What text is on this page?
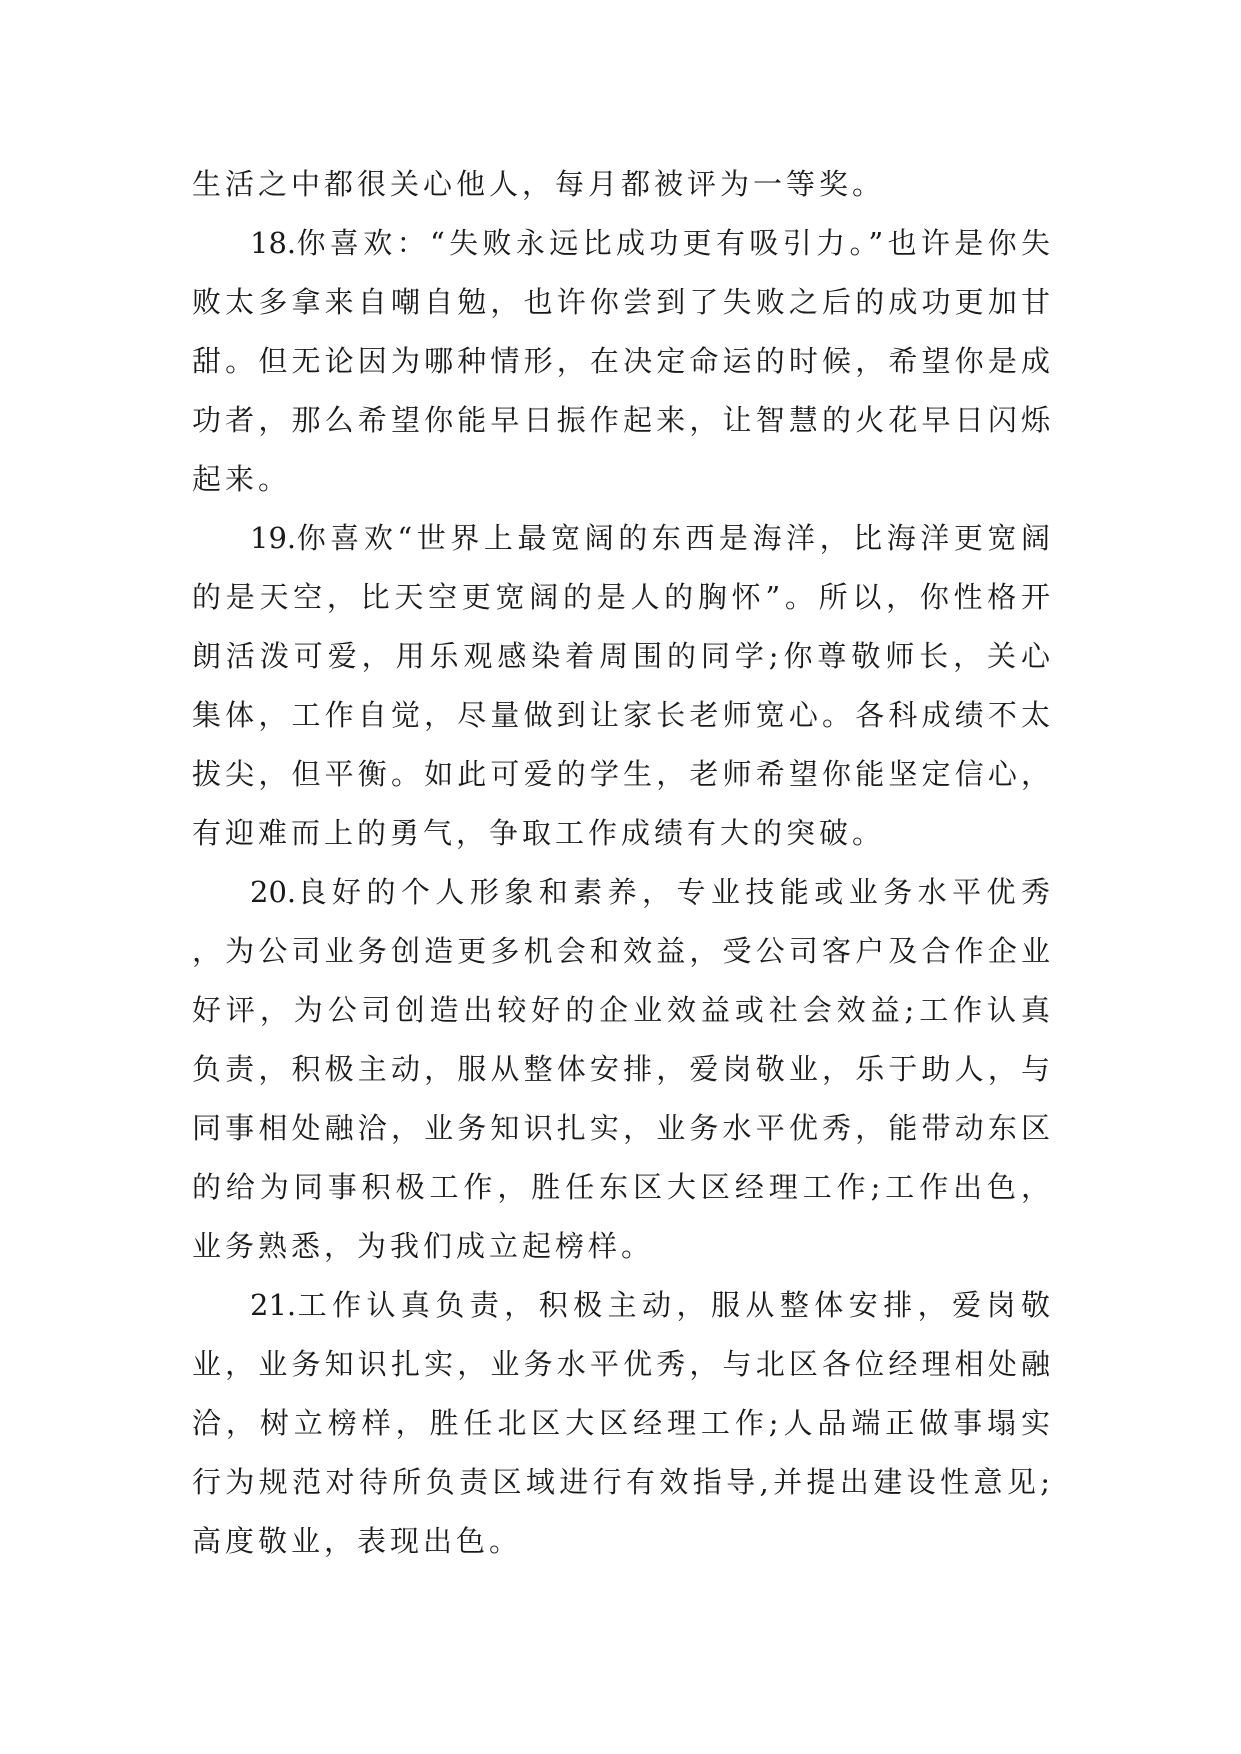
生活之中都很关心他人，每月都被评为一等奖。

18.你喜欢：“失败永远比成功更有吸引力。”也许是你失败太多拿来自嘲自勉，也许你尝到了失败之后的成功更加甘甜。但无论因为哪种情形，在决定命运的时候，希望你是成功者，那么希望你能早日振作起来，让智慧的火花早日闪烁起来。

19.你喜欢“世界上最宽阔的东西是海洋，比海洋更宽阔的是天空，比天空更宽阔的是人的胸怀”。所以，你性格开朗活泼可爱，用乐观感染着周围的同学;你尊敬师长，关心集体，工作自觉，尽量做到让家长老师宽心。各科成绩不太拔尖，但平衡。如此可爱的学生，老师希望你能坚定信心，有迎难而上的勇气，争取工作成绩有大的突破。

20.良好的个人形象和素养，专业技能或业务水平优秀，为公司业务创造更多机会和效益，受公司客户及合作企业好评，为公司创造出较好的企业效益或社会效益;工作认真负责，积极主动，服从整体安排，爱岗敬业，乐于助人，与同事相处融洽，业务知识扎实，业务水平优秀，能带动东区的给为同事积极工作，胜任东区大区经理工作;工作出色，业务熟悉，为我们成立起榜样。

21.工作认真负责，积极主动，服从整体安排，爱岗敬业，业务知识扎实，业务水平优秀，与北区各位经理相处融洽，树立榜样，胜任北区大区经理工作;人品端正做事塌实行为规范对待所负责区域进行有效指导,并提出建设性意见;高度敬业，表现出色。
